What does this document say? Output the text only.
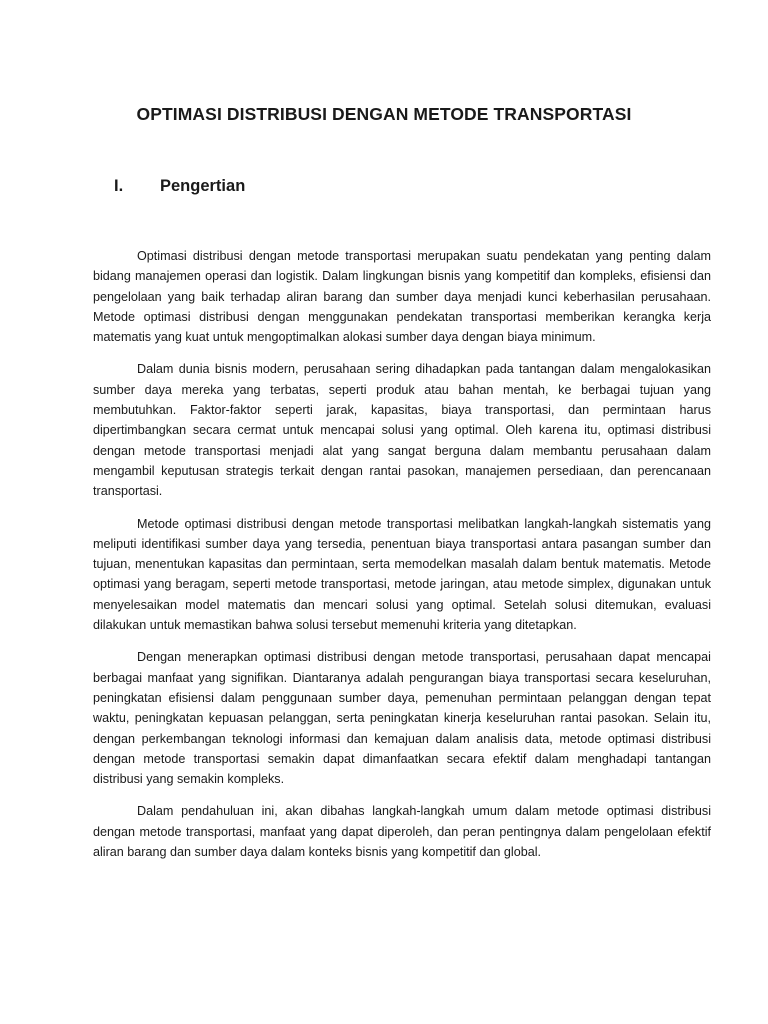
OPTIMASI DISTRIBUSI DENGAN METODE TRANSPORTASI
I.	Pengertian

Optimasi distribusi dengan metode transportasi merupakan suatu pendekatan yang penting dalam bidang manajemen operasi dan logistik. Dalam lingkungan bisnis yang kompetitif dan kompleks, efisiensi dan pengelolaan yang baik terhadap aliran barang dan sumber daya menjadi kunci keberhasilan perusahaan. Metode optimasi distribusi dengan menggunakan pendekatan transportasi memberikan kerangka kerja matematis yang kuat untuk mengoptimalkan alokasi sumber daya dengan biaya minimum.

Dalam dunia bisnis modern, perusahaan sering dihadapkan pada tantangan dalam mengalokasikan sumber daya mereka yang terbatas, seperti produk atau bahan mentah, ke berbagai tujuan yang membutuhkan. Faktor-faktor seperti jarak, kapasitas, biaya transportasi, dan permintaan harus dipertimbangkan secara cermat untuk mencapai solusi yang optimal. Oleh karena itu, optimasi distribusi dengan metode transportasi menjadi alat yang sangat berguna dalam membantu perusahaan dalam mengambil keputusan strategis terkait dengan rantai pasokan, manajemen persediaan, dan perencanaan transportasi.

Metode optimasi distribusi dengan metode transportasi melibatkan langkah-langkah sistematis yang meliputi identifikasi sumber daya yang tersedia, penentuan biaya transportasi antara pasangan sumber dan tujuan, menentukan kapasitas dan permintaan, serta memodelkan masalah dalam bentuk matematis. Metode optimasi yang beragam, seperti metode transportasi, metode jaringan, atau metode simplex, digunakan untuk menyelesaikan model matematis dan mencari solusi yang optimal. Setelah solusi ditemukan, evaluasi dilakukan untuk memastikan bahwa solusi tersebut memenuhi kriteria yang ditetapkan.

Dengan menerapkan optimasi distribusi dengan metode transportasi, perusahaan dapat mencapai berbagai manfaat yang signifikan. Diantaranya adalah pengurangan biaya transportasi secara keseluruhan, peningkatan efisiensi dalam penggunaan sumber daya, pemenuhan permintaan pelanggan dengan tepat waktu, peningkatan kepuasan pelanggan, serta peningkatan kinerja keseluruhan rantai pasokan. Selain itu, dengan perkembangan teknologi informasi dan kemajuan dalam analisis data, metode optimasi distribusi dengan metode transportasi semakin dapat dimanfaatkan secara efektif dalam menghadapi tantangan distribusi yang semakin kompleks.

Dalam pendahuluan ini, akan dibahas langkah-langkah umum dalam metode optimasi distribusi dengan metode transportasi, manfaat yang dapat diperoleh, dan peran pentingnya dalam pengelolaan efektif aliran barang dan sumber daya dalam konteks bisnis yang kompetitif dan global.
